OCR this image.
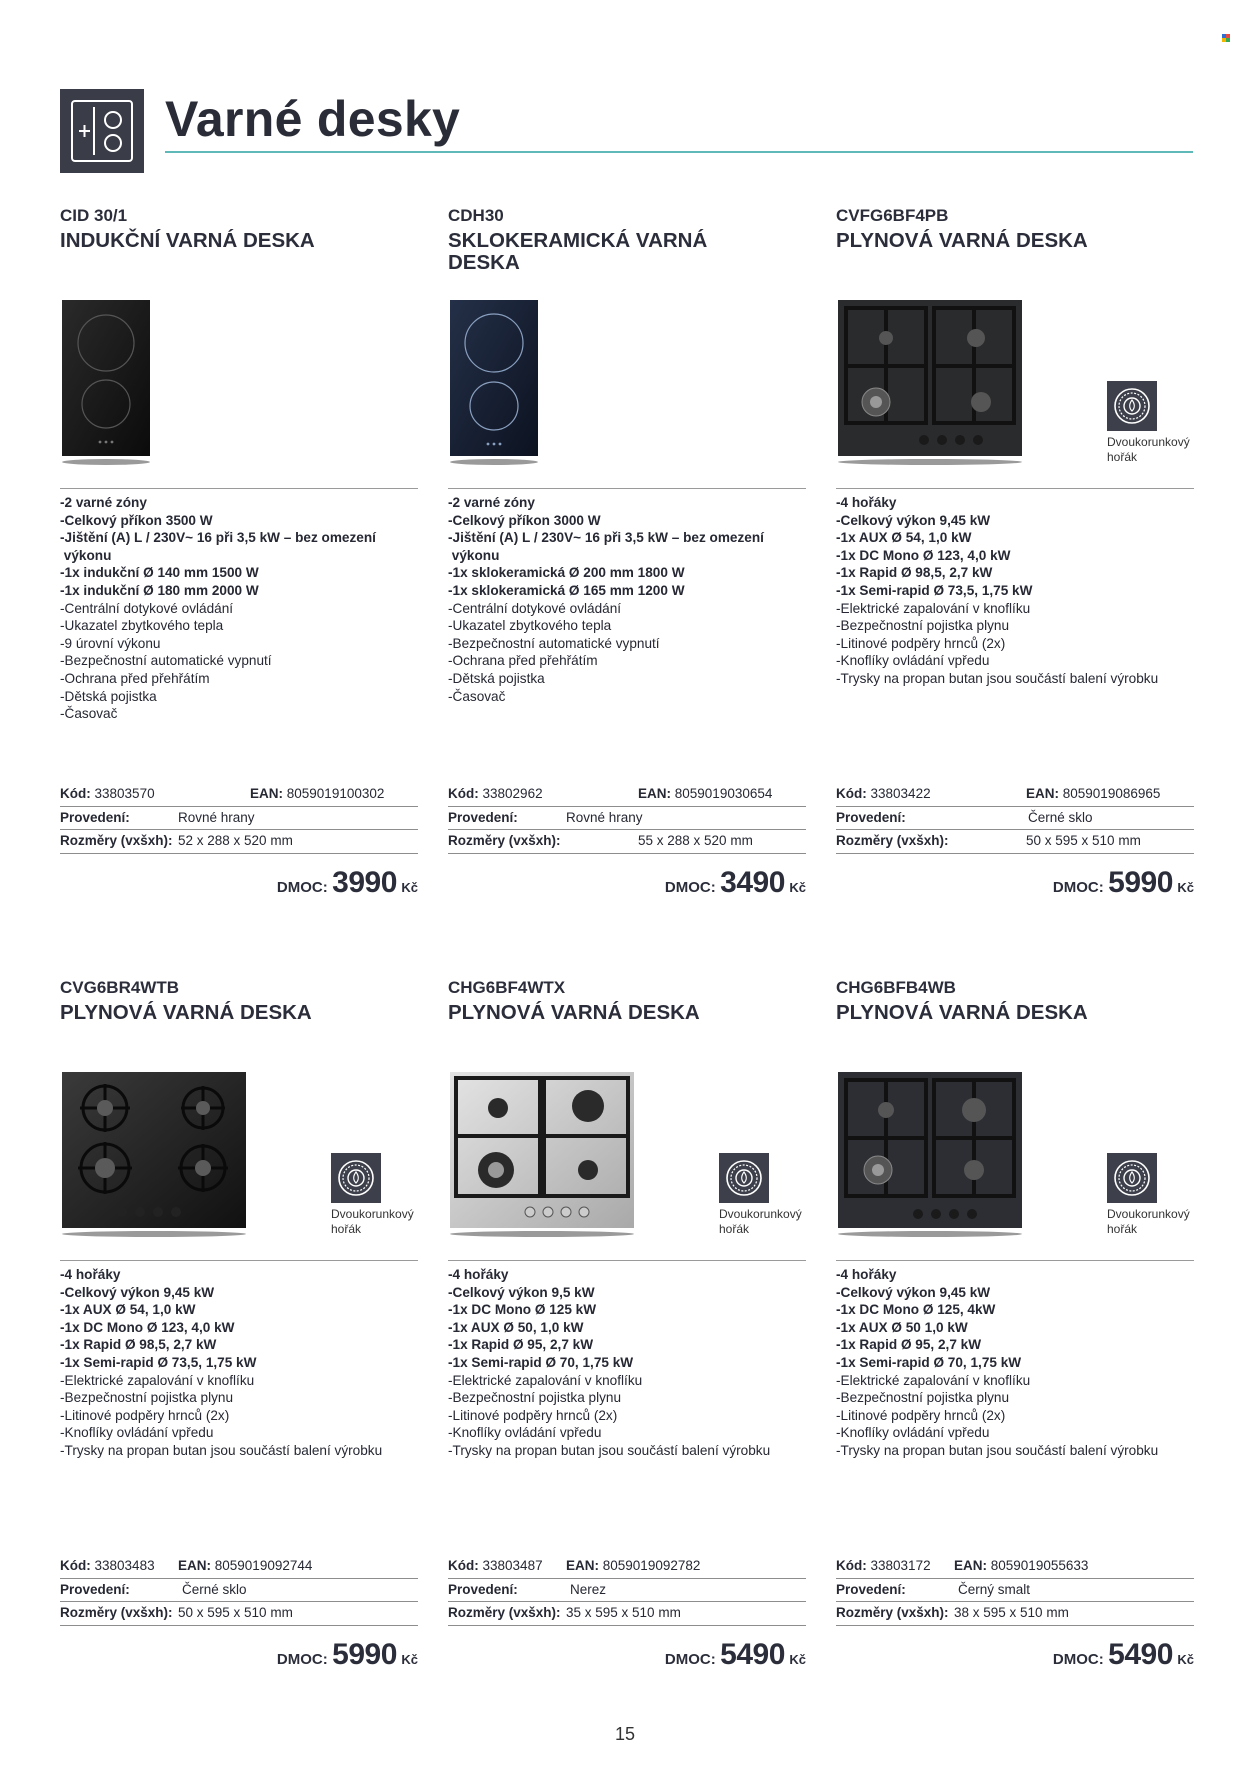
Varné desky
CID 30/1
INDUKČNÍ VARNÁ DESKA
-2 varné zóny
-Celkový příkon 3500 W
-Jištění (A) L / 230V~ 16 při 3,5 kW – bez omezení
výkonu
-1x indukční Ø 140 mm 1500 W
-1x indukční Ø 180 mm 2000 W
-Centrální dotykové ovládání
-Ukazatel zbytkového tepla
-9 úrovní výkonu
-Bezpečnostní automatické vypnutí
-Ochrana před přehřátím
-Dětská pojistka
-Časovač
Kód: 33803570	EAN: 8059019100302
Provedení:	Rovné hrany
Rozměry (vxšxh): 52 x 288 x 520 mm
DMOC: 3990 Kč
CDH30
SKLOKERAMICKÁ VARNÁ DESKA
-2 varné zóny
-Celkový příkon 3000 W
-Jištění (A) L / 230V~ 16 při 3,5 kW – bez omezení
výkonu
-1x sklokeramická Ø 200 mm 1800 W
-1x sklokeramická Ø 165 mm 1200 W
-Centrální dotykové ovládání
-Ukazatel zbytkového tepla
-Bezpečnostní automatické vypnutí
-Ochrana před přehřátím
-Dětská pojistka
-Časovač
Kód: 33802962	EAN: 8059019030654
Provedení:	Rovné hrany
Rozměry (vxšxh):	55 x 288 x 520 mm
DMOC: 3490 Kč
CVFG6BF4PB
PLYNOVÁ VARNÁ DESKA
Dvoukorunkový hořák
-4 hořáky
-Celkový výkon 9,45 kW
-1x AUX Ø 54, 1,0 kW
-1x DC Mono Ø 123, 4,0 kW
-1x Rapid Ø 98,5, 2,7 kW
-1x Semi-rapid Ø 73,5, 1,75 kW
-Elektrické zapalování v knoflíku
-Bezpečnostní pojistka plynu
-Litinové podpěry hrnců (2x)
-Knoflíky ovládání vpředu
-Trysky na propan butan jsou součástí balení výrobku
Kód: 33803422	EAN: 8059019086965
Provedení:	Černé sklo
Rozměry (vxšxh):	50 x 595 x 510 mm
DMOC: 5990 Kč
CVG6BR4WTB
PLYNOVÁ VARNÁ DESKA
Dvoukorunkový hořák
-4 hořáky
-Celkový výkon 9,45 kW
-1x AUX Ø 54, 1,0 kW
-1x DC Mono Ø 123, 4,0 kW
-1x Rapid Ø 98,5, 2,7 kW
-1x Semi-rapid Ø 73,5, 1,75 kW
-Elektrické zapalování v knoflíku
-Bezpečnostní pojistka plynu
-Litinové podpěry hrnců (2x)
-Knoflíky ovládání vpředu
-Trysky na propan butan jsou součástí balení výrobku
Kód: 33803483 EAN: 8059019092744
Provedení:	Černé sklo
Rozměry (vxšxh): 50 x 595 x 510 mm
DMOC: 5990 Kč
CHG6BF4WTX
PLYNOVÁ VARNÁ DESKA
Dvoukorunkový hořák
-4 hořáky
-Celkový výkon 9,5 kW
-1x DC Mono Ø 125 kW
-1x AUX Ø 50, 1,0 kW
-1x Rapid Ø 95, 2,7 kW
-1x Semi-rapid Ø 70, 1,75 kW
-Elektrické zapalování v knoflíku
-Bezpečnostní pojistka plynu
-Litinové podpěry hrnců (2x)
-Knoflíky ovládání vpředu
-Trysky na propan butan jsou součástí balení výrobku
Kód: 33803487 EAN: 8059019092782
Provedení:	Nerez
Rozměry (vxšxh): 35 x 595 x 510 mm
DMOC: 5490 Kč
CHG6BFB4WB
PLYNOVÁ VARNÁ DESKA
Dvoukorunkový hořák
-4 hořáky
-Celkový výkon 9,45 kW
-1x DC Mono Ø 125, 4kW
-1x AUX Ø 50 1,0 kW
-1x Rapid Ø 95, 2,7 kW
-1x Semi-rapid Ø 70, 1,75 kW
-Elektrické zapalování v knoflíku
-Bezpečnostní pojistka plynu
-Litinové podpěry hrnců (2x)
-Knoflíky ovládání vpředu
-Trysky na propan butan jsou součástí balení výrobku
Kód: 33803172 EAN: 8059019055633
Provedení:	Černý smalt
Rozměry (vxšxh): 38 x 595 x 510 mm
DMOC: 5490 Kč
15
